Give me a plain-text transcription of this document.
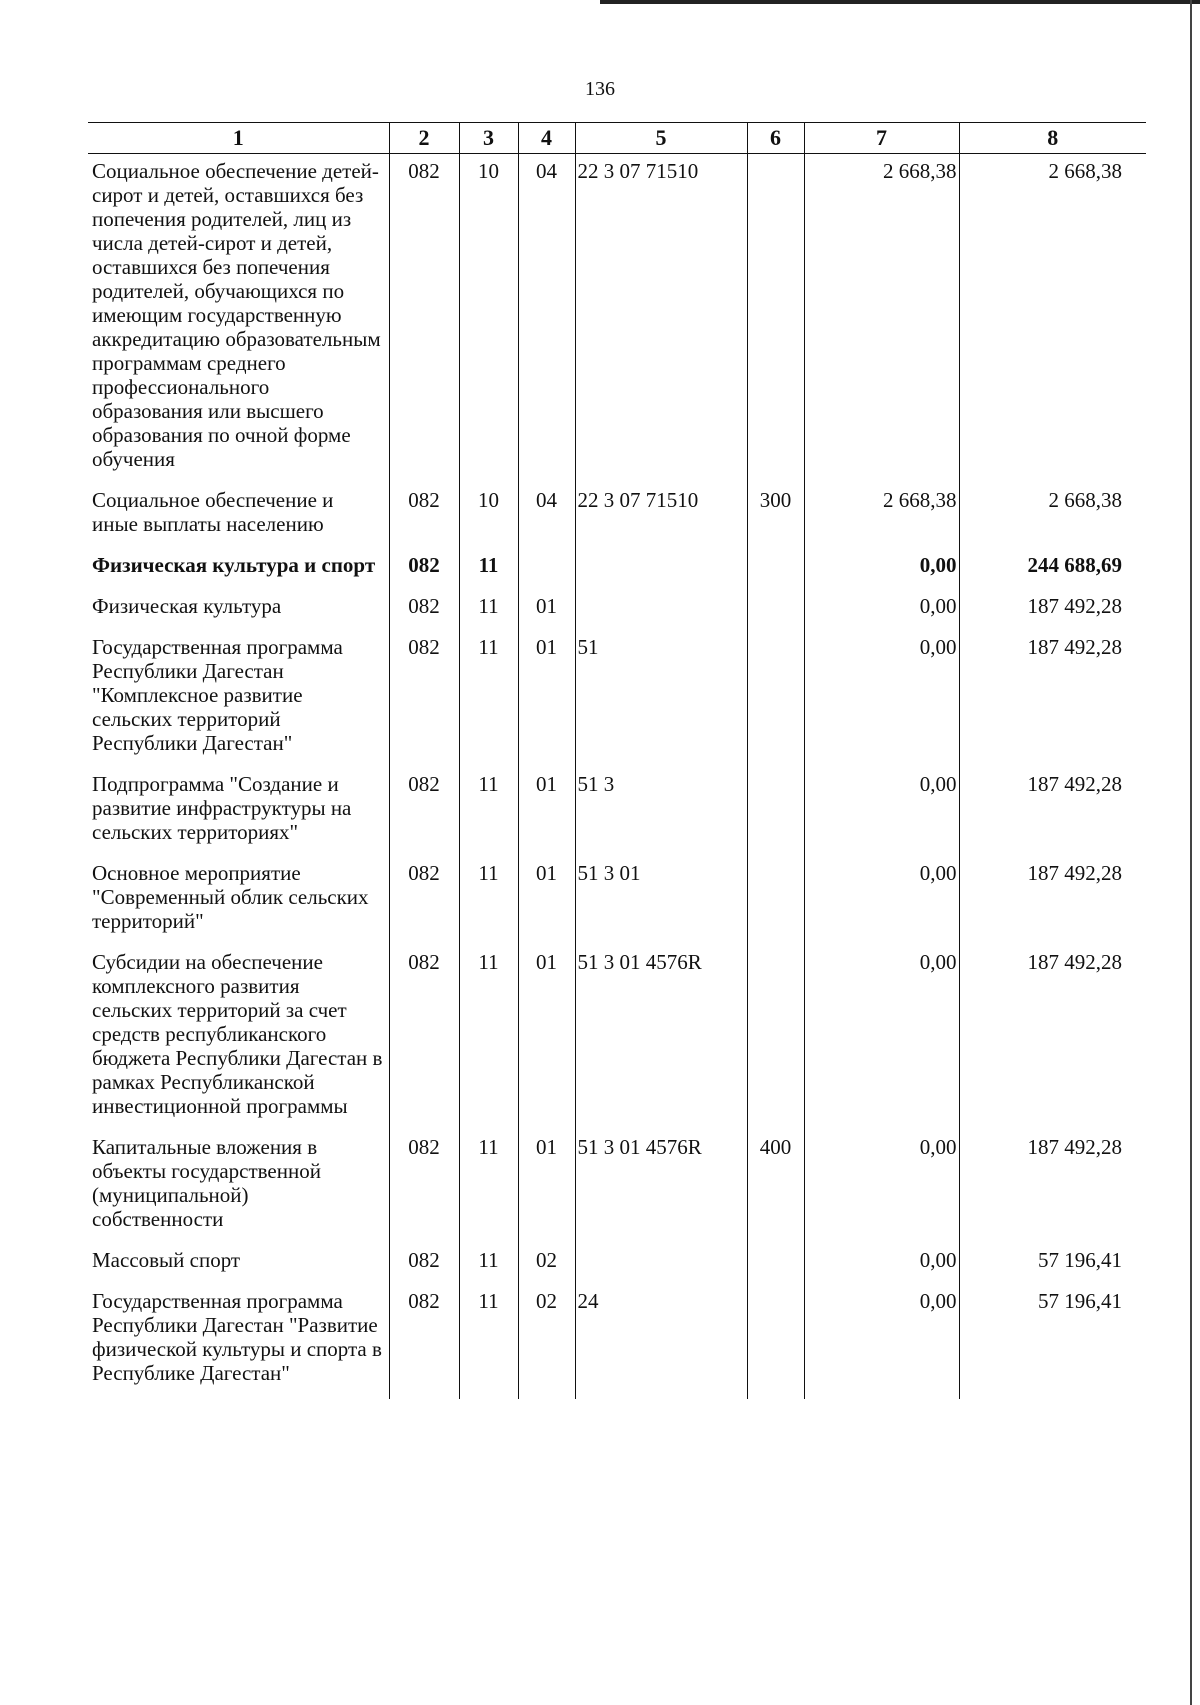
136
1	2	3	4	5	6	7	8
Социальное обеспечение детей-сирот и детей, оставшихся без попечения родителей, лиц из числа детей-сирот и детей, оставшихся без попечения родителей, обучающихся по имеющим государственную аккредитацию образовательным программам среднего профессионального образования или высшего образования по очной форме обучения	082	10	04	22 3 07 71510		2 668,38	2 668,38
Социальное обеспечение и иные выплаты населению	082	10	04	22 3 07 71510	300	2 668,38	2 668,38
Физическая культура и спорт	082	11				0,00	244 688,69
Физическая культура	082	11	01			0,00	187 492,28
Государственная программа Республики Дагестан "Комплексное развитие сельских территорий Республики Дагестан"	082	11	01	51		0,00	187 492,28
Подпрограмма "Создание и развитие инфраструктуры на сельских территориях"	082	11	01	51 3		0,00	187 492,28
Основное мероприятие "Современный облик сельских территорий"	082	11	01	51 3 01		0,00	187 492,28
Субсидии на обеспечение комплексного развития сельских территорий за счет средств республиканского бюджета Республики Дагестан в рамках Республиканской инвестиционной программы	082	11	01	51 3 01 4576R		0,00	187 492,28
Капитальные вложения в объекты государственной (муниципальной) собственности	082	11	01	51 3 01 4576R	400	0,00	187 492,28
Массовый спорт	082	11	02			0,00	57 196,41
Государственная программа Республики Дагестан "Развитие физической культуры и спорта в Республике Дагестан"	082	11	02	24		0,00	57 196,41
